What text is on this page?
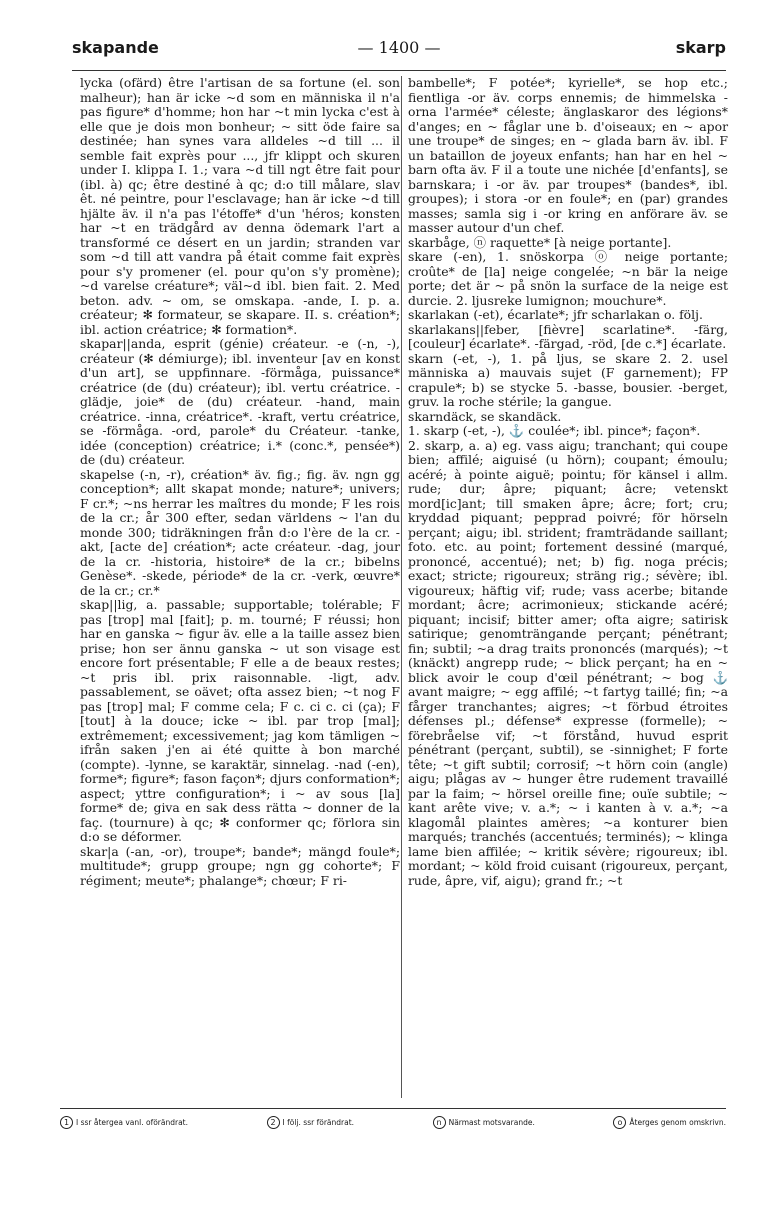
skapande	— 1400 —	skarp

lycka (ofärd) être l'artisan de sa fortune (el. son malheur); han är icke ~d som en människa il n'a pas figure* d'homme; hon har ~t min lycka c'est à elle que je dois mon bonheur; ~ sitt öde faire sa destinée; han synes vara alldeles ~d till ... il semble fait exprès pour ..., jfr klippt och skuren under I. klippa I. 1.; vara ~d till ngt être fait pour (ibl. à) qc; être destiné à qc; d:o till målare, slav êt. né peintre, pour l'esclavage; han är icke ~d till hjälte äv. il n'a pas l'étoffe* d'un 'héros; konsten har ~t en trädgård av denna ödemark l'art a transformé ce désert en un jardin; stranden var som ~d till att vandra på était comme fait exprès pour s'y promener (el. pour qu'on s'y promène); ~d varelse créature*; väl~d ibl. bien fait. 2. Med beton. adv. ~ om, se omskapa. -ande, I. p. a. créateur; ✻ formateur, se skapare. II. s. création*; ibl. action créatrice; ✻ formation*.

skapar||anda, esprit (génie) créateur. -e (-n, -), créateur (✻ démiurge); ibl. inventeur [av en konst d'un art], se uppfinnare. -förmåga, puissance* créatrice (de (du) créateur); ibl. vertu créatrice. -glädje, joie* de (du) créateur. -hand, main créatrice. -inna, créatrice*. -kraft, vertu créatrice, se -förmåga. -ord, parole* du Créateur. -tanke, idée (conception) créatrice; i.* (conc.*, pensée*) de (du) créateur.

skapelse (-n, -r), création* äv. fig.; fig. äv. ngn gg conception*; allt skapat monde; nature*; univers; F cr.*; ~ns herrar les maîtres du monde; F les rois de la cr.; år 300 efter, sedan världens ~ l'an du monde 300; tidräkningen från d:o l'ère de la cr. -akt, [acte de] création*; acte créateur. -dag, jour de la cr. -historia, histoire* de la cr.; bibelns Genèse*. -skede, période* de la cr. -verk, œuvre* de la cr.; cr.*

skap||lig, a. passable; supportable; tolérable; F pas [trop] mal [fait]; p. m. tourné; F réussi; hon har en ganska ~ figur äv. elle a la taille assez bien prise; hon ser ännu ganska ~ ut son visage est encore fort présentable; F elle a de beaux restes; ~t pris ibl. prix raisonnable. -ligt, adv. passablement, se oävet; ofta assez bien; ~t nog F pas [trop] mal; F comme cela; F c. ci c. ci (ça); F [tout] à la douce; icke ~ ibl. par trop [mal]; extrêmement; excessivement; jag kom tämligen ~ ifrån saken j'en ai été quitte à bon marché (compte). -lynne, se karaktär, sinnelag. -nad (-en), forme*; figure*; fason façon*; djurs conformation*; aspect; yttre configuration*; i ~ av sous [la] forme* de; giva en sak dess rätta ~ donner de la faç. (tournure) à qc; ✻ conformer qc; förlora sin d:o se déformer.

skar|a (-an, -or), troupe*; bande*; mängd foule*; multitude*; grupp groupe; ngn gg cohorte*; F régiment; meute*; phalange*; chœur; F ri-

bambelle*; F potée*; kyrielle*, se hop etc.; fientliga -or äv. corps ennemis; de himmelska -orna l'armée* céleste; änglaskaror des légions* d'anges; en ~ fåglar une b. d'oiseaux; en ~ apor une troupe* de singes; en ~ glada barn äv. ibl. F un bataillon de joyeux enfants; han har en hel ~ barn ofta äv. F il a toute une nichée [d'enfants], se barnskara; i -or äv. par troupes* (bandes*, ibl. groupes); i stora -or en foule*; en (par) grandes masses; samla sig i -or kring en anförare äv. se masser autour d'un chef.

skarbåge, ⓝ raquette* [à neige portante].

skare (-en), 1. snöskorpa ⓞ neige portante; croûte* de [la] neige congelée; ~n bär la neige porte; det är ~ på snön la surface de la neige est durcie. 2. ljusreke lumignon; mouchure*.

skarlakan (-et), écarlate*; jfr scharlakan o. följ.

skarlakans||feber, [fièvre] scarlatine*. -färg, [couleur] écarlate*. -färgad, -röd, [de c.*] écarlate.

skarn (-et, -), 1. på ljus, se skare 2. 2. usel människa a) mauvais sujet (F garnement); FP crapule*; b) se stycke 5. -basse, bousier. -berget, gruv. la roche stérile; la gangue.

skarndäck, se skandäck.

1. skarp (-et, -), ⚓ coulée*; ibl. pince*; façon*.

2. skarp, a. a) eg. vass aigu; tranchant; qui coupe bien; affilé; aiguisé (u hörn); coupant; émoulu; acéré; à pointe aiguë; pointu; för känsel i allm. rude; dur; âpre; piquant; âcre; vetenskt mord[ic]ant; till smaken âpre; âcre; fort; cru; kryddad piquant; pepprad poivré; för hörseln perçant; aigu; ibl. strident; framträdande saillant; foto. etc. au point; fortement dessiné (marqué, prononcé, accentué); net; b) fig. noga précis; exact; stricte; rigoureux; sträng rig.; sévère; ibl. vigoureux; häftig vif; rude; vass acerbe; bitande mordant; âcre; acrimonieux; stickande acéré; piquant; incisif; bitter amer; ofta aigre; satirisk satirique; genomträngande perçant; pénétrant; fin; subtil; ~a drag traits prononcés (marqués); ~t (knäckt) angrepp rude; ~ blick perçant; ha en ~ blick avoir le coup d'œil pénétrant; ~ bog ⚓ avant maigre; ~ egg affilé; ~t fartyg taillé; fin; ~a fårger tranchantes; aigres; ~t förbud étroites défenses pl.; défense* expresse (formelle); ~ förebråelse vif; ~t förstånd, huvud esprit pénétrant (perçant, subtil), se -sinnighet; F forte tête; ~t gift subtil; corrosif; ~t hörn coin (angle) aigu; plågas av ~ hunger être rudement travaillé par la faim; ~ hörsel oreille fine; ouïe subtile; ~ kant arête vive; v. a.*; ~ i kanten à v. a.*; ~a klagomål plaintes amères; ~a konturer bien marqués; tranchés (accentués; terminés); ~ klinga lame bien affilée; ~ kritik sévère; rigoureux; ibl. mordant; ~ köld froid cuisant (rigoureux, perçant, rude, âpre, vif, aigu); grand fr.; ~t

1 I ssr återgea vanl. oförändrat.	2 I följ. ssr förändrat.	n Närmast motsvarande.	o Återges genom omskrivn.
